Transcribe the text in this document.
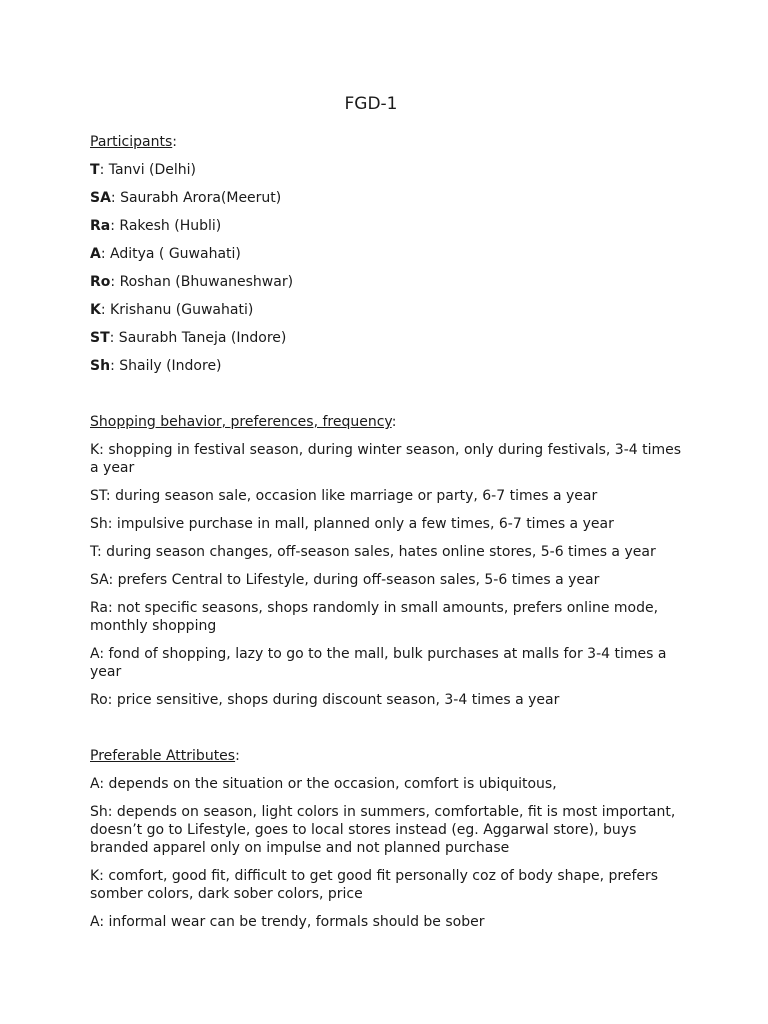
FGD-1
Participants:
T: Tanvi (Delhi)
SA: Saurabh Arora(Meerut)
Ra: Rakesh (Hubli)
A: Aditya ( Guwahati)
Ro: Roshan (Bhuwaneshwar)
K: Krishanu (Guwahati)
ST: Saurabh Taneja (Indore)
Sh: Shaily (Indore)
Shopping behavior, preferences, frequency:
K: shopping in festival season, during winter season, only during festivals, 3-4 times a year
ST: during season sale, occasion like marriage or party, 6-7 times a year
Sh: impulsive purchase in mall, planned only a few times, 6-7 times a year
T: during season changes, off-season sales, hates online stores, 5-6 times a year
SA: prefers Central to Lifestyle, during off-season sales, 5-6 times a year
Ra: not specific seasons, shops randomly in small amounts, prefers online mode, monthly shopping
A: fond of shopping, lazy to go to the mall, bulk purchases at malls for 3-4 times a year
Ro: price sensitive, shops during discount season, 3-4 times a year
Preferable Attributes:
A: depends on the situation or the occasion, comfort is ubiquitous,
Sh: depends on season, light colors in summers, comfortable, fit is most important, doesn’t go to Lifestyle, goes to local stores instead (eg. Aggarwal store), buys branded apparel only on impulse and not planned purchase
K: comfort, good fit, difficult to get good fit personally coz of body shape, prefers somber colors, dark sober colors, price
A: informal wear can be trendy, formals should be sober
